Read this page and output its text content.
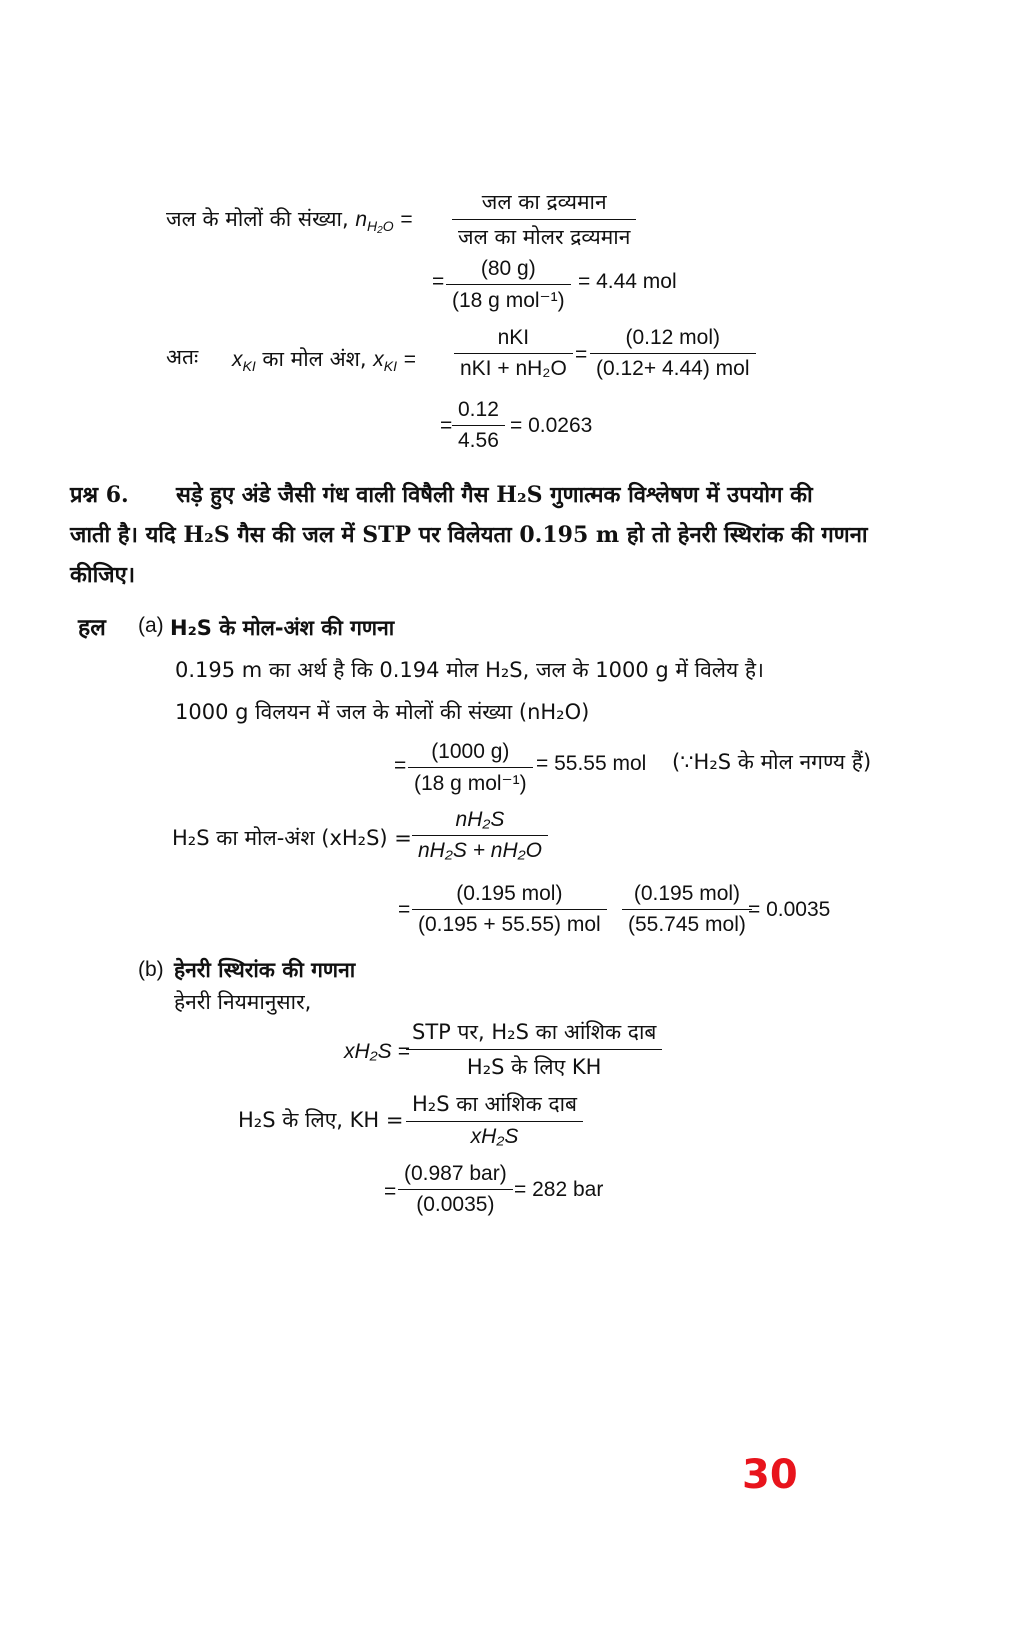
जल के मोलों की संख्या, $n_{H_2O}$ =
जल का द्रव्यमान
जल का मोलर द्रव्यमान
=
(80 g)
(18 g mol⁻¹)
= 4.44 mol
अतः $x_{KI}$ का मोल अंश, $x_{KI}$ =
nKI
nKI + nH₂O
=
(0.12 mol)
(0.12+ 4.44) mol
= $\frac{0.12}{4.56} = 0.0263$
प्रश्न 6. सड़े हुए अंडे जैसी गंध वाली विषैली गैस H₂S गुणात्मक विश्लेषण में उपयोग की
जाती है। यदि H₂S गैस की जल में STP पर विलेयता 0.195 m हो तो हेनरी स्थिरांक की गणना
कीजिए।
हल (a) H₂S के मोल-अंश की गणना
0.195 m का अर्थ है कि 0.194 मोल H₂S, जल के 1000 g में विलेय है।
1000 g विलयन में जल के मोलों की संख्या (nH₂O)
=
(1000 g)
(18 g mol⁻¹)
= 55.55 mol (∵H₂S के मोल नगण्य हैं)
H₂S का मोल-अंश $(xH_2S) = \frac{\text{nH₂S}}{\text{nH₂S + nH₂O}}$
=
(0.195 mol)
(0.195 + 55.55) mol
(0.195 mol)
(55.745 mol)
= 0.0035
(b) हेनरी स्थिरांक की गणना
हेनरी नियमानुसार,
xH₂S =
STP पर, H₂S का आंशिक दाब
H₂S के लिए KH
H₂S के लिए, KH =
H₂S का आंशिक दाब
xH₂S
=
(0.987 bar)
(0.0035)
= 282 bar
30
